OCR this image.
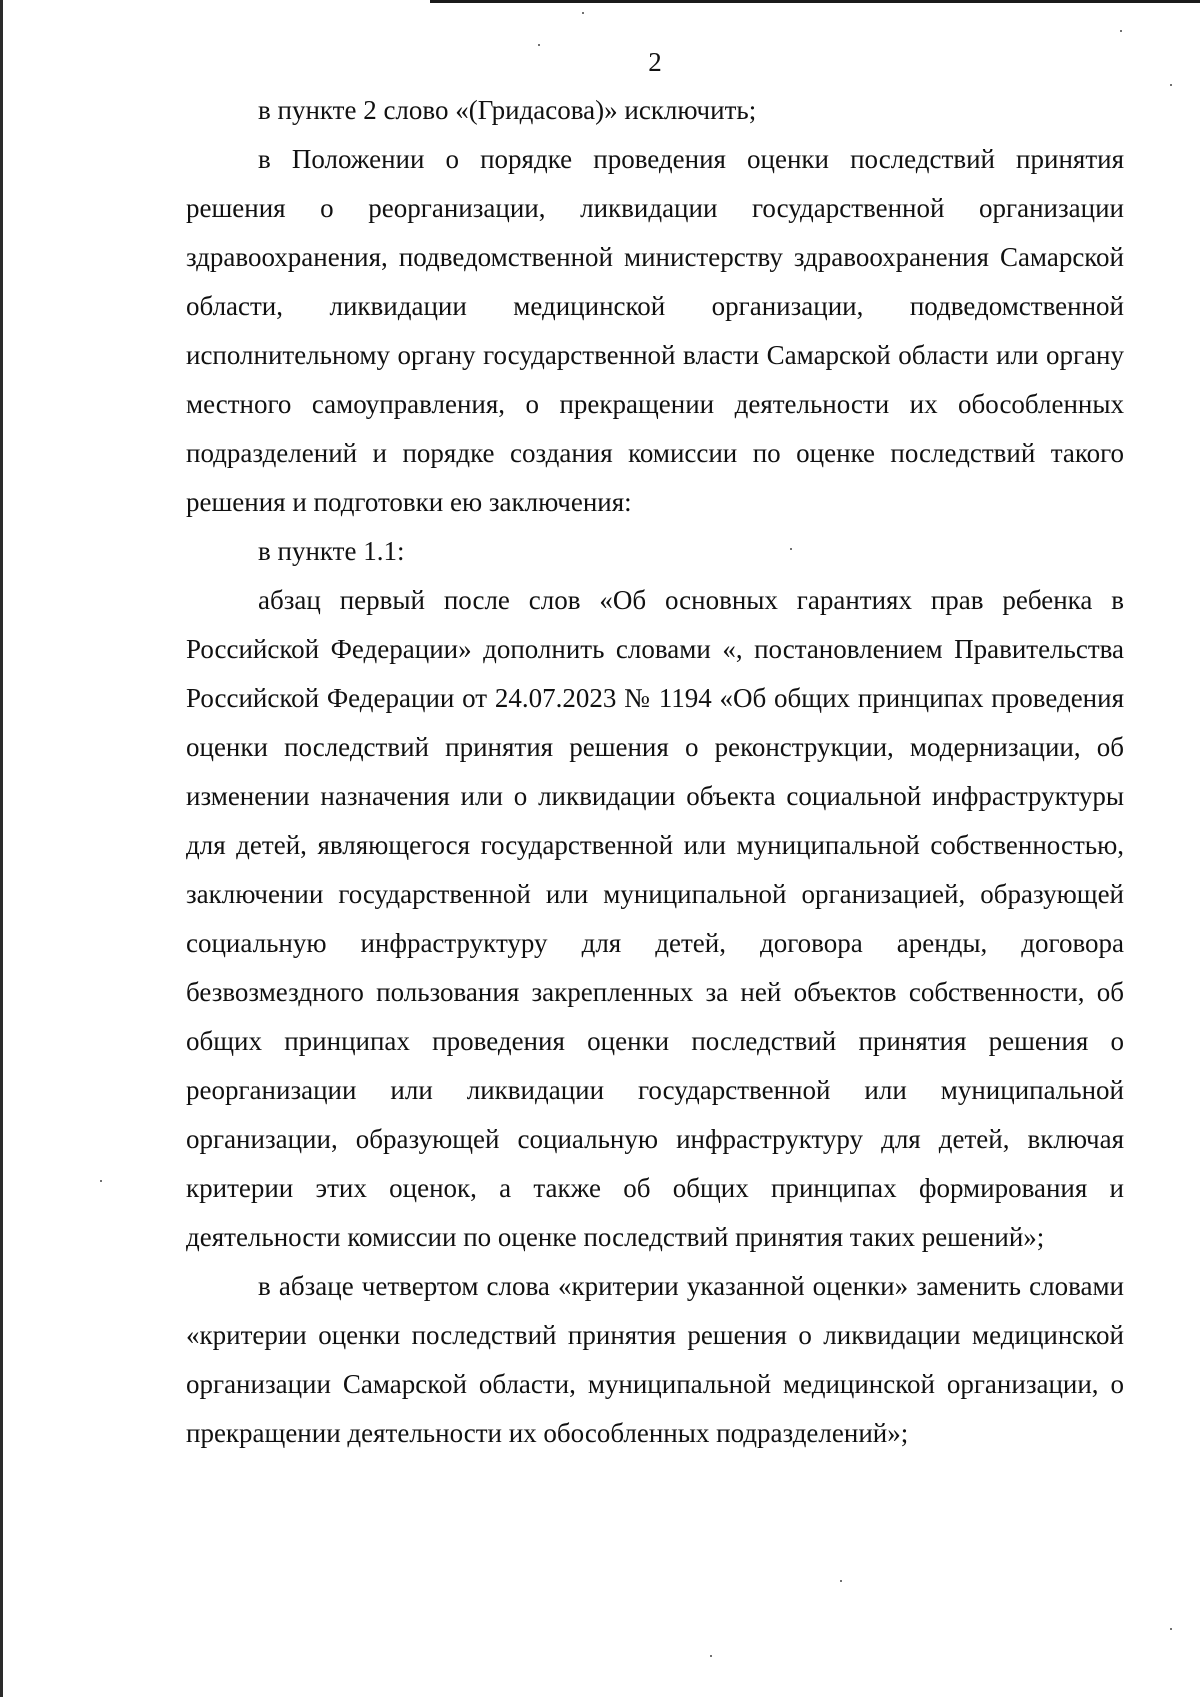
2

в пункте 2 слово «(Гридасова)» исключить;

в Положении о порядке проведения оценки последствий принятия решения о реорганизации, ликвидации государственной организации здравоохранения, подведомственной министерству здравоохранения Самарской области, ликвидации медицинской организации, подведомственной исполнительному органу государственной власти Самарской области или органу местного самоуправления, о прекращении деятельности их обособленных подразделений и порядке создания комиссии по оценке последствий такого решения и подготовки ею заключения:

в пункте 1.1:

абзац первый после слов «Об основных гарантиях прав ребенка в Российской Федерации» дополнить словами «, постановлением Правительства Российской Федерации от 24.07.2023 № 1194 «Об общих принципах проведения оценки последствий принятия решения о реконструкции, модернизации, об изменении назначения или о ликвидации объекта социальной инфраструктуры для детей, являющегося государственной или муниципальной собственностью, заключении государственной или муниципальной организацией, образующей социальную инфраструктуру для детей, договора аренды, договора безвозмездного пользования закрепленных за ней объектов собственности, об общих принципах проведения оценки последствий принятия решения о реорганизации или ликвидации государственной или муниципальной организации, образующей социальную инфраструктуру для детей, включая критерии этих оценок, а также об общих принципах формирования и деятельности комиссии по оценке последствий принятия таких решений»;

в абзаце четвертом слова «критерии указанной оценки» заменить словами «критерии оценки последствий принятия решения о ликвидации медицинской организации Самарской области, муниципальной медицинской организации, о прекращении деятельности их обособленных подразделений»;
